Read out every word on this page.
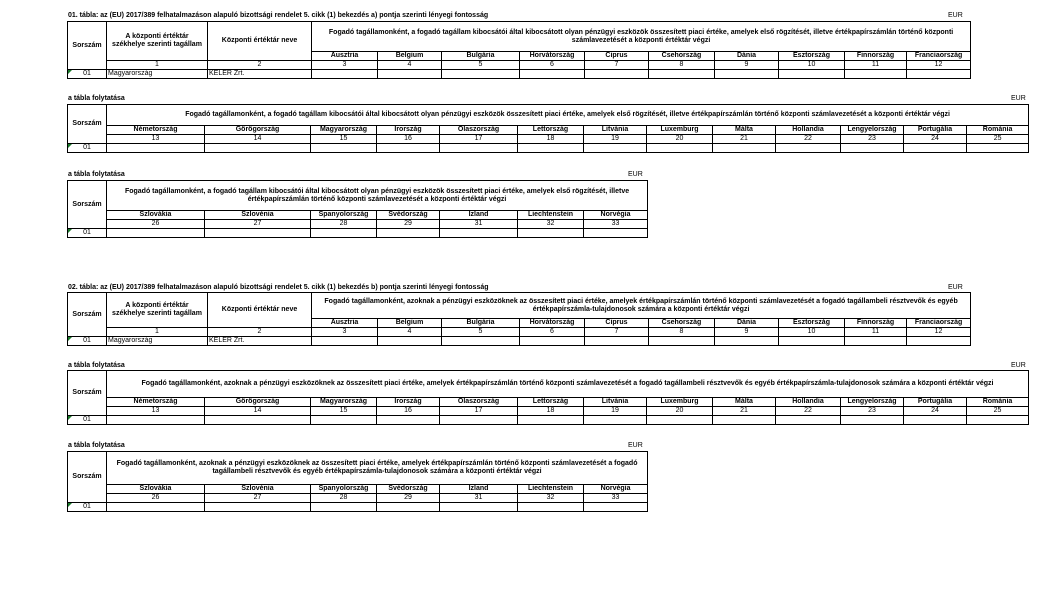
01. tábla: az (EU) 2017/389 felhatalmazáson alapuló bizottsági rendelet 5. cikk (1) bekezdés a) pontja szerinti lényegi fontosság	EUR
Sorszám	A központi értéktár székhelye szerinti tagállam	Központi értéktár neve	Fogadó tagállamonként, a fogadó tagállam kibocsátói által kibocsátott olyan pénzügyi eszközök összesített piaci értéke, amelyek első rögzítését, illetve értékpapírszámlán történő központi számlavezetését a központi értéktár végzi									
			Ausztria	Belgium	Bulgária	Horvátország	Ciprus	Csehország	Dánia	Észtország	Finnország	Franciaország
	1	2	3	4	5	6	7	8	9	10	11	12
01	Magyarország	KELER Zrt.										
a tábla folytatása	EUR
Sorszám	Fogadó tagállamonként, a fogadó tagállam kibocsátói által kibocsátott olyan pénzügyi eszközök összesített piaci értéke, amelyek első rögzítését, illetve értékpapírszámlán történő központi számlavezetését a központi értéktár végzi												
	Németország	Görögország	Magyarország	Írország	Olaszország	Lettország	Litvánia	Luxemburg	Málta	Hollandia	Lengyelország	Portugália	Románia
	13	14	15	16	17	18	19	20	21	22	23	24	25
01													
a tábla folytatása	EUR
Sorszám	Fogadó tagállamonként, a fogadó tagállam kibocsátói által kibocsátott olyan pénzügyi eszközök összesített piaci értéke, amelyek első rögzítését, illetve értékpapírszámlán történő központi számlavezetését a központi értéktár végzi						
	Szlovákia	Szlovénia	Spanyolország	Svédország	Izland	Liechtenstein	Norvégia
	26	27	28	29	31	32	33
01							
02. tábla: az (EU) 2017/389 felhatalmazáson alapuló bizottsági rendelet 5. cikk (1) bekezdés b) pontja szerinti lényegi fontosság	EUR
Sorszám	A központi értéktár székhelye szerinti tagállam	Központi értéktár neve	Fogadó tagállamonként, azoknak a pénzügyi eszközöknek az összesített piaci értéke, amelyek értékpapírszámlán történő központi számlavezetését a fogadó tagállambeli résztvevők és egyéb értékpapírszámla-tulajdonosok számára a központi értéktár végzi									
			Ausztria	Belgium	Bulgária	Horvátország	Ciprus	Csehország	Dánia	Észtország	Finnország	Franciaország
	1	2	3	4	5	6	7	8	9	10	11	12
01	Magyarország	KELER Zrt.										
a tábla folytatása	EUR
Sorszám	Fogadó tagállamonként, azoknak a pénzügyi eszközöknek az összesített piaci értéke, amelyek értékpapírszámlán történő központi számlavezetését a fogadó tagállambeli résztvevők és egyéb értékpapírszámla-tulajdonosok számára a központi értéktár végzi												
	Németország	Görögország	Magyarország	Írország	Olaszország	Lettország	Litvánia	Luxemburg	Málta	Hollandia	Lengyelország	Portugália	Románia
	13	14	15	16	17	18	19	20	21	22	23	24	25
01													
a tábla folytatása	EUR
Sorszám	Fogadó tagállamonként, azoknak a pénzügyi eszközöknek az összesített piaci értéke, amelyek értékpapírszámlán történő központi számlavezetését a fogadó tagállambeli résztvevők és egyéb értékpapírszámla-tulajdonosok számára a központi értéktár végzi						
	Szlovákia	Szlovénia	Spanyolország	Svédország	Izland	Liechtenstein	Norvégia
	26	27	28	29	31	32	33
01							
